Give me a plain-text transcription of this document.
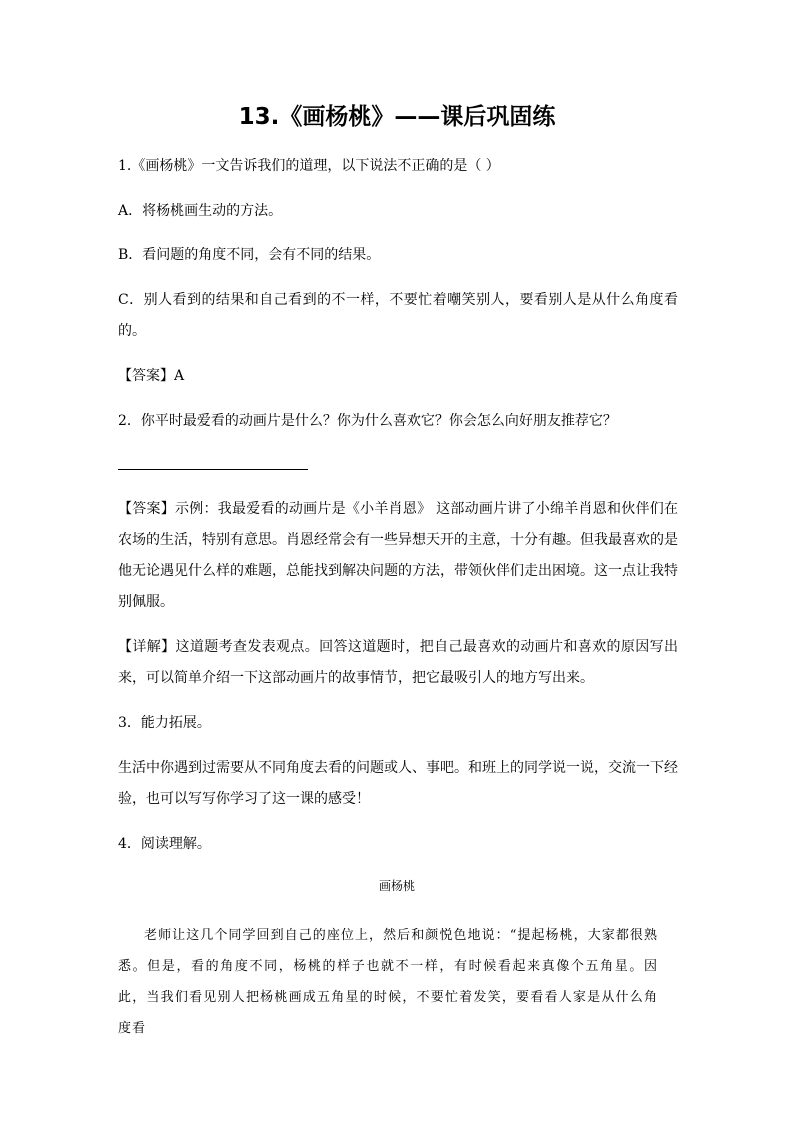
13.《画杨桃》——课后巩固练

1.《画杨桃》一文告诉我们的道理，以下说法不正确的是（ ）

A．将杨桃画生动的方法。

B．看问题的角度不同，会有不同的结果。

C．别人看到的结果和自己看到的不一样，不要忙着嘲笑别人，要看别人是从什么角度看的。

【答案】A

2．你平时最爱看的动画片是什么？你为什么喜欢它？你会怎么向好朋友推荐它？

【答案】示例：我最爱看的动画片是《小羊肖恩》 这部动画片讲了小绵羊肖恩和伙伴们在农场的生活，特别有意思。肖恩经常会有一些异想天开的主意，十分有趣。但我最喜欢的是他无论遇见什么样的难题，总能找到解决问题的方法，带领伙伴们走出困境。这一点让我特别佩服。

【详解】这道题考查发表观点。回答这道题时，把自己最喜欢的动画片和喜欢的原因写出来，可以简单介绍一下这部动画片的故事情节，把它最吸引人的地方写出来。

3．能力拓展。

生活中你遇到过需要从不同角度去看的问题或人、事吧。和班上的同学说一说，交流一下经验，也可以写写你学习了这一课的感受！

4．阅读理解。

画杨桃

老师让这几个同学回到自己的座位上，然后和颜悦色地说：“提起杨桃，大家都很熟悉。但是，看的角度不同，杨桃的样子也就不一样，有时候看起来真像个五角星。因此，当我们看见别人把杨桃画成五角星的时候，不要忙着发笑，要看看人家是从什么角度看
